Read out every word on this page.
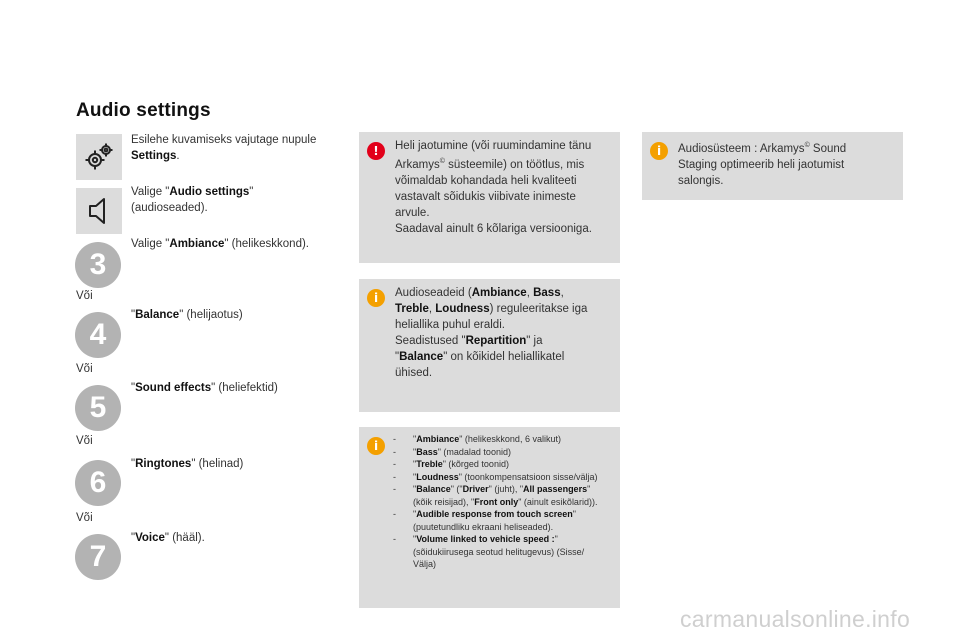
Audio settings
Esilehe kuvamiseks vajutage nupule Settings.
Valige "Audio settings"
(audioseaded).
3
Valige "Ambiance" (helikeskkond).
Või
4
"Balance" (helijaotus)
Või
5
"Sound effects" (heliefektid)
Või
6
"Ringtones" (helinad)
Või
7
"Voice" (hääl).
!	Heli jaotumine (või ruumindamine tänu
Arkamys© süsteemile) on töötlus, mis
võimaldab kohandada heli kvaliteeti
vastavalt sõidukis viibivate inimeste
arvule.
Saadaval ainult 6 kõlariga versiooniga.
i	Audiosüsteem : Arkamys© Sound
Staging optimeerib heli jaotumist
salongis.
i	Audioseadeid (Ambiance, Bass,
Treble, Loudness) reguleeritakse iga
heliallika puhul eraldi.
Seadistused "Repartition" ja
"Balance" on kõikidel heliallikatel
ühised.
i	-	"Ambiance" (helikeskkond, 6 valikut)
-	"Bass" (madalad toonid)
-	"Treble" (kõrged toonid)
-	"Loudness" (toonkompensatsioon sisse/välja)
-	"Balance" ("Driver" (juht), "All passengers"
(kõik reisijad), "Front only" (ainult esikõlarid)).
-	"Audible response from touch screen"
(puutetundliku ekraani heliseaded).
-	"Volume linked to vehicle speed :"
(sõidukiirusega seotud helitugevus) (Sisse/
Välja)
carmanualsonline.info
